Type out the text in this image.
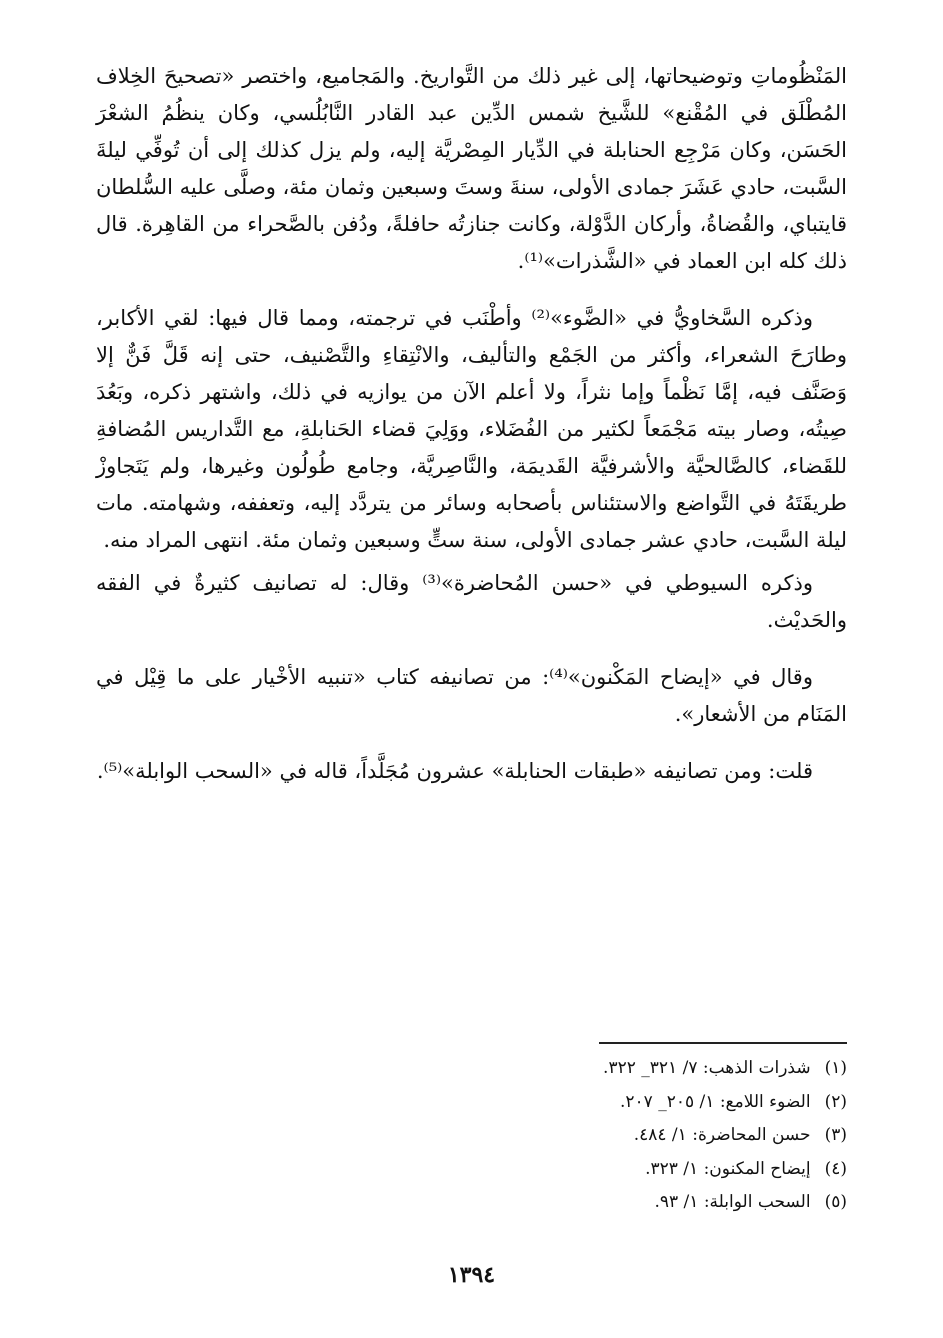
المَنْظُوماتِ وتوضيحاتها، إلى غير ذلك من التَّواريخ. والمَجاميع، واختصر «تصحيحَ الخِلاف المُطْلَق في المُقْنع» للشَّيخ شمس الدِّين عبد القادر النَّابُلُسي، وكان ينظُمُ الشعْرَ الحَسَن، وكان مَرْجِع الحنابلة في الدِّيار المِصْريَّة إليه، ولم يزل كذلك إلى أن تُوفِّي ليلةَ السَّبت، حادي عَشَرَ جمادى الأولى، سنةَ وستَ وسبعين وثمان مئة، وصلَّى عليه السُّلطان قايتباي، والقُضاةُ، وأركان الدَّوْلة، وكانت جنازتُه حافلةً، ودُفن بالصَّحراء من القاهِرة. قال ذلك كله ابن العماد في «الشَّذرات»⁽¹⁾.

وذكره السَّخاويُّ في «الضَّوء»⁽²⁾ وأطْنَب في ترجمته، ومما قال فيها: لقي الأكابر، وطارَحَ الشعراء، وأكثر من الجَمْع والتأليف، والانْتِقاءِ والتَّصْنيف، حتى إنه قَلَّ فَنٌّ إلا وَصَنَّف فيه، إمَّا نَظْماً وإما نثراً، ولا أعلم الآن من يوازيه في ذلك، واشتهر ذكره، وبَعُدَ صِيتُه، وصار بيته مَجْمَعاً لكثير من الفُضَلاء، ووَلِيَ قضاء الحَنابلةِ، مع التَّداريس المُضافةِ للقَضاء، كالصَّالحيَّة والأشرفيَّة القَديمَة، والنَّاصِريَّة، وجامع طُولُون وغيرها، ولم يَتَجاوزْ طريقَتَهُ في التَّواضع والاستئناس بأصحابه وسائر من يتردَّد إليه، وتعففه، وشهامته. مات ليلة السَّبت، حادي عشر جمادى الأولى، سنة ستٍّ وسبعين وثمان مئة. انتهى المراد منه.

وذكره السيوطي في «حسن المُحاضرة»⁽³⁾ وقال: له تصانيف كثيرةٌ في الفقه والحَديْث.

وقال في «إيضاح المَكْنون»⁽⁴⁾: من تصانيفه كتاب «تنبيه الأخْيار على ما قِيْل في المَنَام من الأشعار».

قلت: ومن تصانيفه «طبقات الحنابلة» عشرون مُجَلَّداً، قاله في «السحب الوابلة»⁽⁵⁾.

(١)
شذرات الذهب: ٧/ ٣٢١_ ٣٢٢.
(٢)
الضوء اللامع: ١/ ٢٠٥_ ٢٠٧.
(٣)
حسن المحاضرة: ١/ ٤٨٤.
(٤)
إيضاح المكنون: ١/ ٣٢٣.
(٥)
السحب الوابلة: ١/ ٩٣.
١٣٩٤
